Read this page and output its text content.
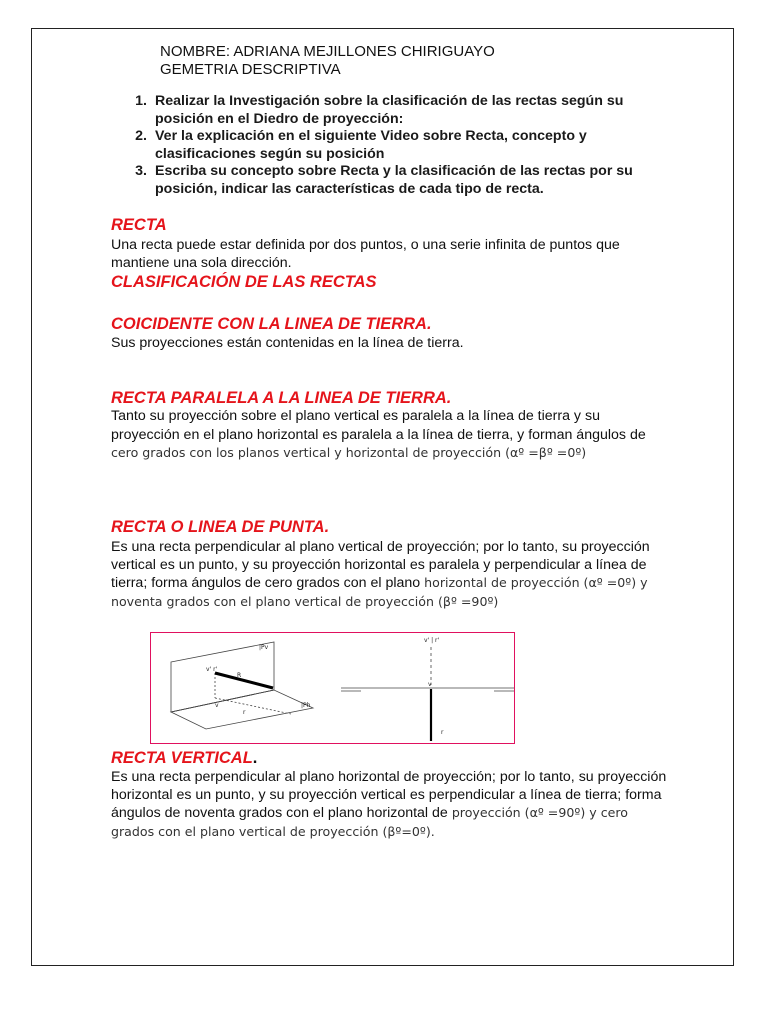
NOMBRE: ADRIANA MEJILLONES CHIRIGUAYO
GEMETRIA DESCRIPTIVA
1. Realizar la Investigación sobre la clasificación de las rectas según su posición en el Diedro de proyección:
2. Ver la explicación en el siguiente Video sobre Recta, concepto y clasificaciones según su posición
3. Escriba su concepto sobre Recta y la clasificación de las rectas por su posición, indicar las características de cada tipo de recta.
RECTA
Una recta puede estar definida por dos puntos, o una serie infinita de puntos que mantiene una sola dirección.
CLASIFICACIÓN DE LAS RECTAS
COICIDENTE CON LA LINEA DE TIERRA.
Sus proyecciones están contenidas en la línea de tierra.
RECTA PARALELA A LA LINEA DE TIERRA.
Tanto su proyección sobre el plano vertical es paralela a la línea de tierra y su proyección en el plano horizontal es paralela a la línea de tierra, y forman ángulos de cero grados con los planos vertical y horizontal de proyección (αº =βº =0º)
RECTA O LINEA DE PUNTA.
Es una recta perpendicular al plano vertical de proyección; por lo tanto, su proyección vertical es un punto, y su proyección horizontal es paralela y perpendicular a línea de tierra; forma ángulos de cero grados con el plano horizontal de proyección (αº =0º) y noventa grados con el plano vertical de proyección (βº =90º)
|Pv
|Ph
v' r'
R
v
r
v' | r'
v
r
RECTA VERTICAL.
Es una recta perpendicular al plano horizontal de proyección; por lo tanto, su proyección horizontal es un punto, y su proyección vertical es perpendicular a línea de tierra; forma ángulos de noventa grados con el plano horizontal de proyección (αº =90º) y cero grados con el plano vertical de proyección (βº=0º).
